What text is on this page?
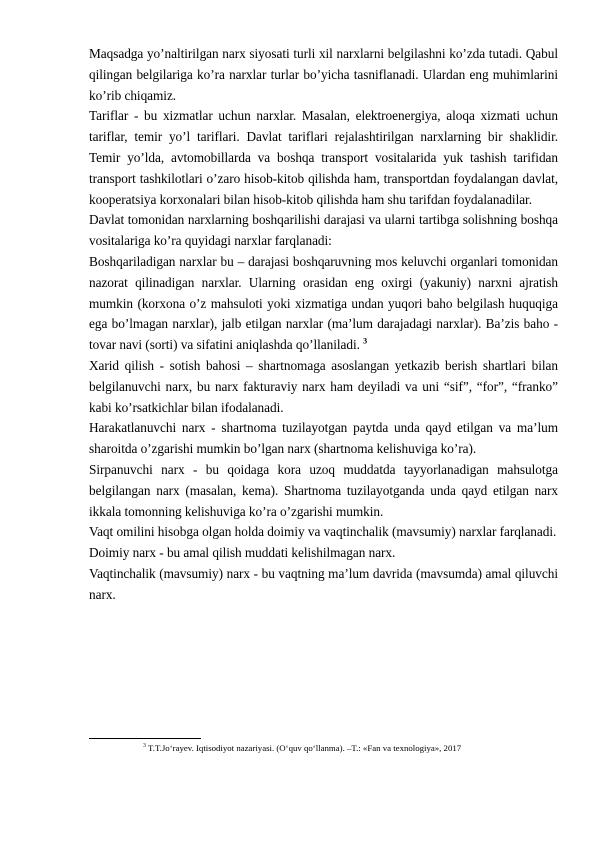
Maqsadga yo’naltirilgan narx siyosati turli xil narxlarni belgilashni ko’zda tutadi. Qabul qilingan belgilariga ko’ra narxlar turlar bo’yicha tasniflanadi. Ulardan eng muhimlarini ko’rib chiqamiz.

Tariflar - bu xizmatlar uchun narxlar. Masalan, elektroenergiya, aloqa xizmati uchun tariflar, temir yo’l tariflari. Davlat tariflari rejalashtirilgan narxlarning bir shaklidir. Temir yo’lda, avtomobillarda va boshqa transport vositalarida yuk tashish tarifidan transport tashkilotlari o’zaro hisob-kitob qilishda ham, transportdan foydalangan davlat, kooperatsiya korxonalari bilan hisob-kitob qilishda ham shu tarifdan foydalanadilar.

Davlat tomonidan narxlarning boshqarilishi darajasi va ularni tartibga solishning boshqa vositalariga ko’ra quyidagi narxlar farqlanadi:

Boshqariladigan narxlar bu – darajasi boshqaruvning mos keluvchi organlari tomonidan nazorat qilinadigan narxlar. Ularning orasidan eng oxirgi (yakuniy) narxni ajratish mumkin (korxona o’z mahsuloti yoki xizmatiga undan yuqori baho belgilash huquqiga ega bo’lmagan narxlar), jalb etilgan narxlar (ma’lum darajadagi narxlar). Ba’zis baho - tovar navi (sorti) va sifatini aniqlashda qo’llaniladi. $^3$

Xarid qilish - sotish bahosi – shartnomaga asoslangan yetkazib berish shartlari bilan belgilanuvchi narx, bu narx fakturaviy narx ham deyiladi va uni “sif”, “for”, “franko” kabi ko’rsatkichlar bilan ifodalanadi.

Harakatlanuvchi narx - shartnoma tuzilayotgan paytda unda qayd etilgan va ma’lum sharoitda o’zgarishi mumkin bo’lgan narx (shartnoma kelishuviga ko’ra).

Sirpanuvchi narx - bu qoidaga kora uzoq muddatda tayyorlanadigan mahsulotga belgilangan narx (masalan, kema). Shartnoma tuzilayotganda unda qayd etilgan narx ikkala tomonning kelishuviga ko’ra o’zgarishi mumkin.

Vaqt omilini hisobga olgan holda doimiy va vaqtinchalik (mavsumiy) narxlar farqlanadi.

Doimiy narx - bu amal qilish muddati kelishilmagan narx.

Vaqtinchalik (mavsumiy) narx - bu vaqtning ma’lum davrida (mavsumda) amal qiluvchi narx.

$^3$ T.T.Jo‘rayev. Iqtisodiyot nazariyasi. (O‘quv qo‘llanma). –T.: «Fan va texnologiya», 2017
